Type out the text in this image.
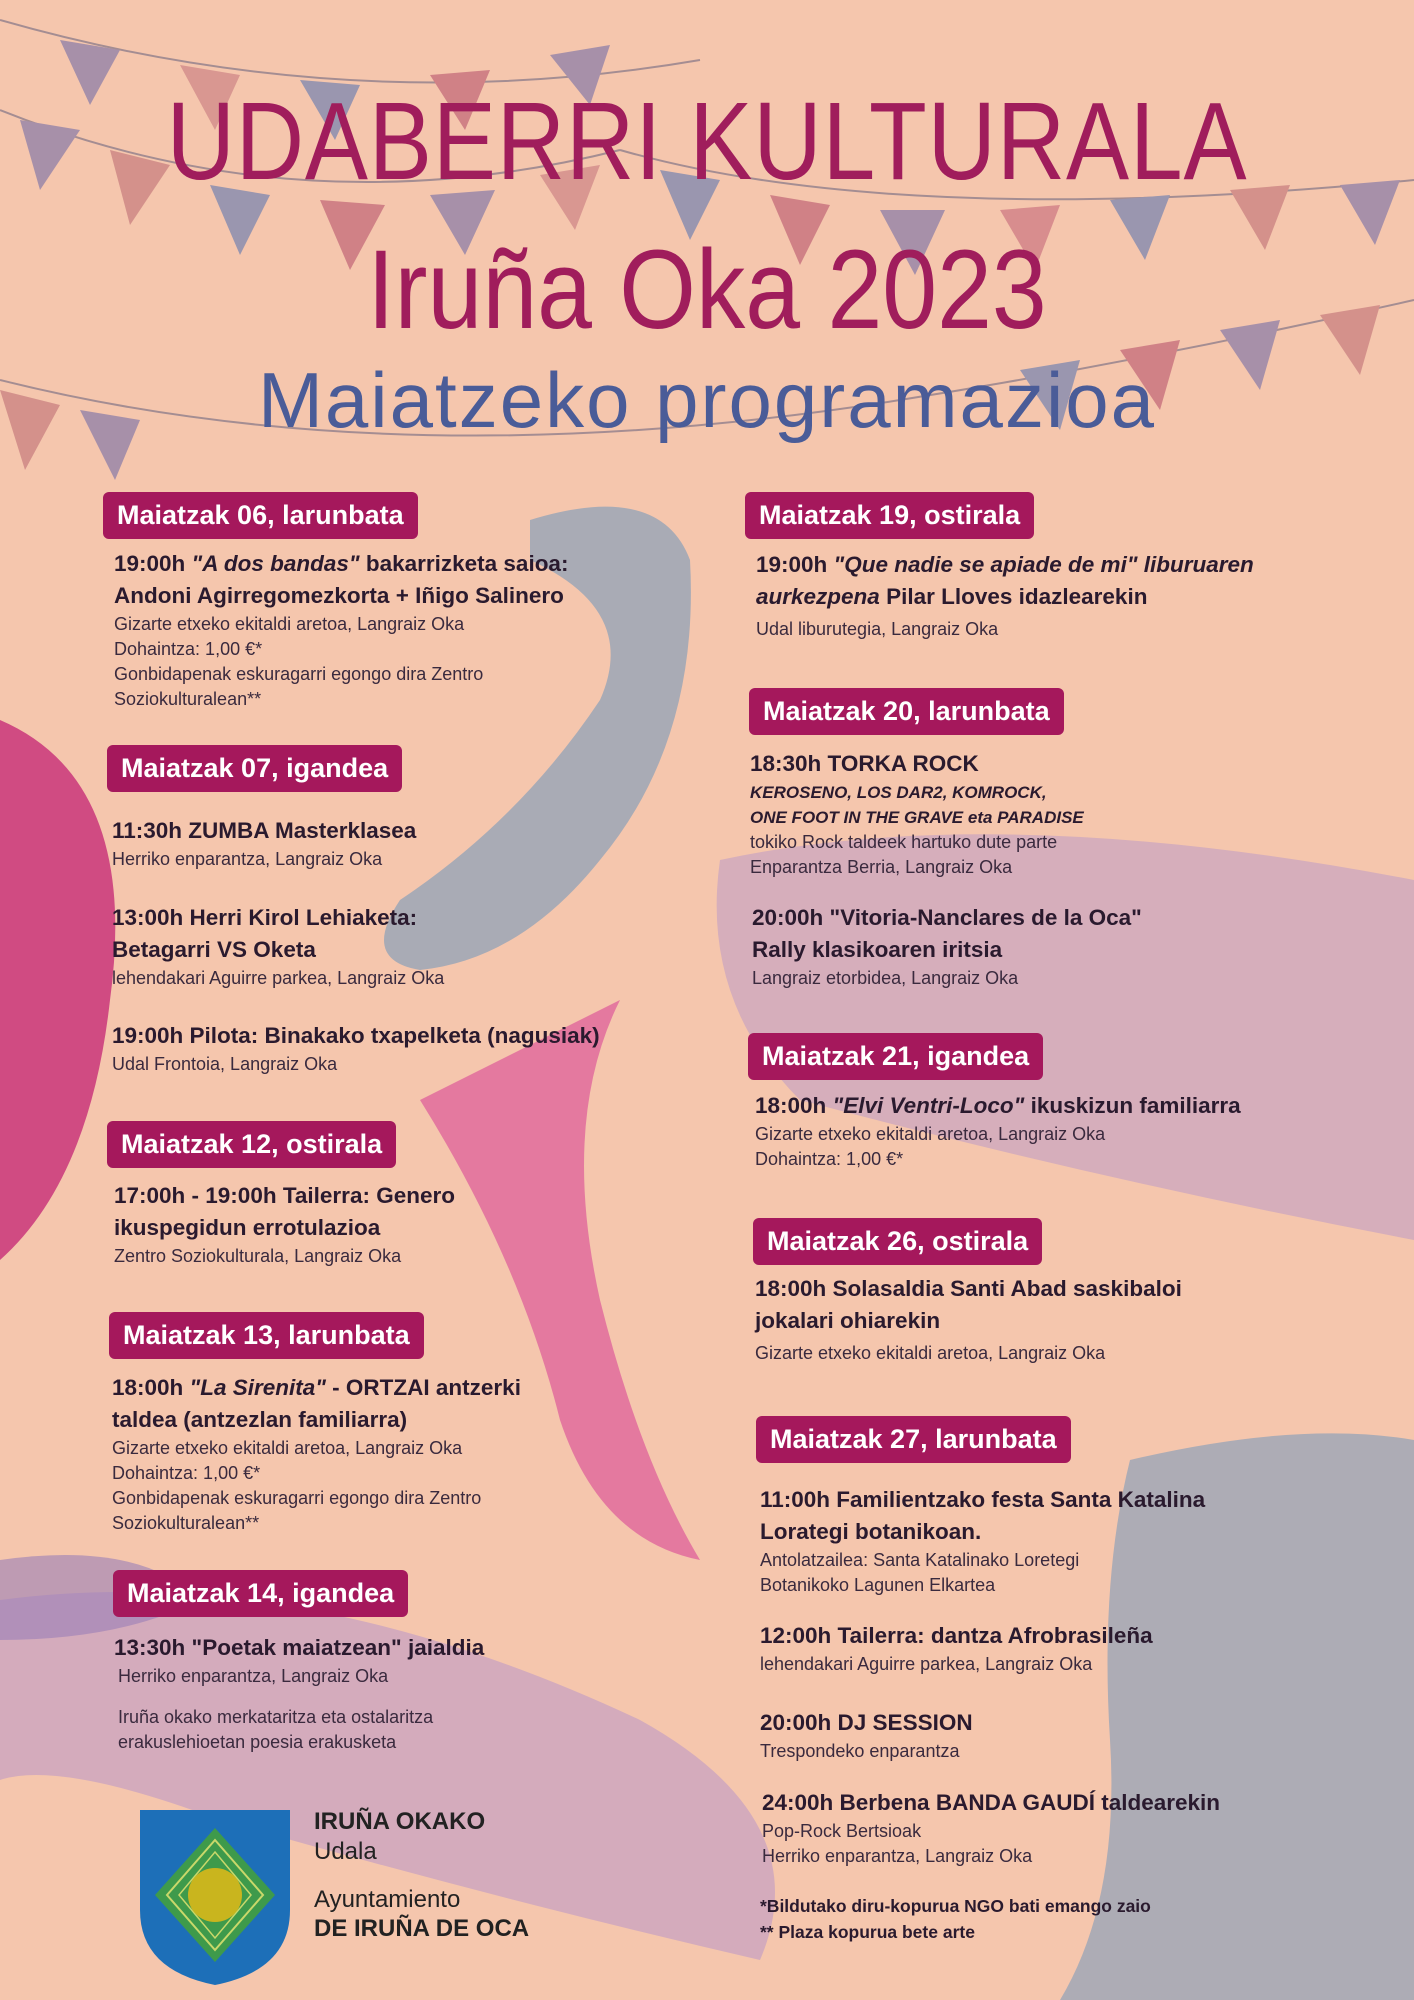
UDABERRI KULTURALA
Iruña Oka 2023
Maiatzeko programazioa
Maiatzak 06, larunbata
19:00h "A dos bandas" bakarrizketa saioa:
Andoni Agirregomezkorta + Iñigo Salinero
Gizarte etxeko ekitaldi aretoa, Langraiz Oka
Dohaintza: 1,00 €*
Gonbidapenak eskuragarri egongo dira Zentro
Soziokulturalean**
Maiatzak 07, igandea
11:30h ZUMBA Masterklasea
Herriko enparantza, Langraiz Oka
13:00h Herri Kirol Lehiaketa:
Betagarri VS Oketa
lehendakari Aguirre parkea, Langraiz Oka
19:00h Pilota: Binakako txapelketa (nagusiak)
Udal Frontoia, Langraiz Oka
Maiatzak 12, ostirala
17:00h - 19:00h Tailerra: Genero
ikuspegidun errotulazioa
Zentro Soziokulturala, Langraiz Oka
Maiatzak 13, larunbata
18:00h "La Sirenita" - ORTZAI antzerki
taldea (antzezlan familiarra)
Gizarte etxeko ekitaldi aretoa, Langraiz Oka
Dohaintza: 1,00 €*
Gonbidapenak eskuragarri egongo dira Zentro
Soziokulturalean**
Maiatzak 14, igandea
13:30h "Poetak maiatzean" jaialdia
Herriko enparantza, Langraiz Oka
Iruña okako merkataritza eta ostalaritza
erakuslehioetan poesia erakusketa
Maiatzak 19, ostirala
19:00h "Que nadie se apiade de mi" liburuaren
aurkezpena Pilar Lloves idazlearekin
Udal liburutegia, Langraiz Oka
Maiatzak 20, larunbata
18:30h TORKA ROCK
KEROSENO, LOS DAR2, KOMROCK,
ONE FOOT IN THE GRAVE eta PARADISE
tokiko Rock taldeek hartuko dute parte
Enparantza Berria, Langraiz Oka
20:00h "Vitoria-Nanclares de la Oca"
Rally klasikoaren iritsia
Langraiz etorbidea, Langraiz Oka
Maiatzak 21, igandea
18:00h "Elvi Ventri-Loco" ikuskizun familiarra
Gizarte etxeko ekitaldi aretoa, Langraiz Oka
Dohaintza: 1,00 €*
Maiatzak 26, ostirala
18:00h Solasaldia Santi Abad saskibaloi
jokalari ohiarekin
Gizarte etxeko ekitaldi aretoa, Langraiz Oka
Maiatzak 27, larunbata
11:00h Familientzako festa Santa Katalina
Lorategi botanikoan.
Antolatzailea: Santa Katalinako Loretegi
Botanikoko Lagunen Elkartea
12:00h Tailerra: dantza Afrobrasileña
lehendakari Aguirre parkea, Langraiz Oka
20:00h DJ SESSION
Trespondeko enparantza
24:00h Berbena BANDA GAUDÍ taldearekin
Pop-Rock Bertsioak
Herriko enparantza, Langraiz Oka
*Bildutako diru-kopurua NGO bati emango zaio
** Plaza kopurua bete arte
IRUÑA OKAKO
Udala
Ayuntamiento
DE IRUÑA DE OCA
